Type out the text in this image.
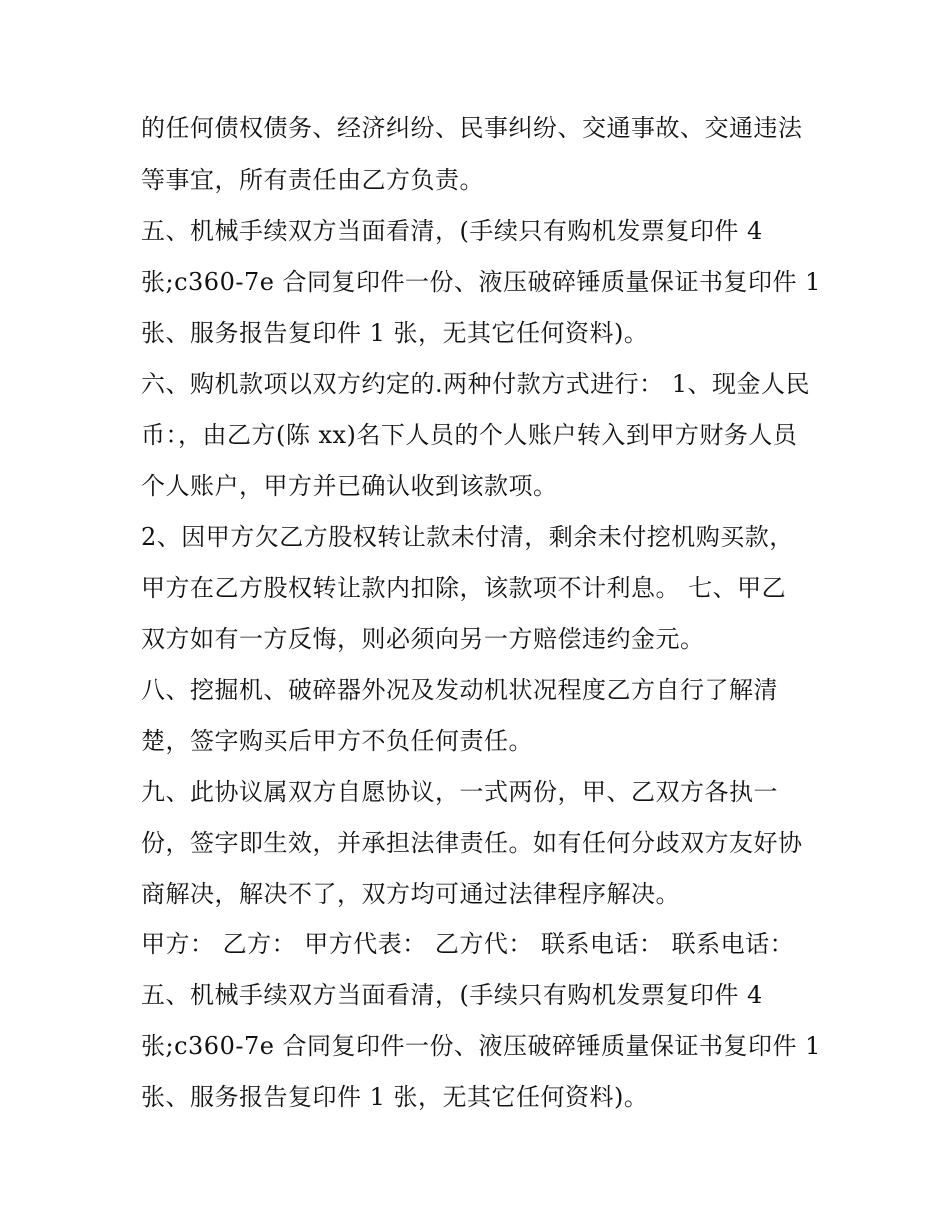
的任何债权债务、经济纠纷、民事纠纷、交通事故、交通违法
等事宜，所有责任由乙方负责。
五、机械手续双方当面看清，(手续只有购机发票复印件 4
张;c360-7e 合同复印件一份、液压破碎锤质量保证书复印件 1
张、服务报告复印件 1 张，无其它任何资料)。
六、购机款项以双方约定的.两种付款方式进行： 1、现金人民
币：，由乙方(陈 xx)名下人员的个人账户转入到甲方财务人员
个人账户，甲方并已确认收到该款项。
2、因甲方欠乙方股权转让款未付清，剩余未付挖机购买款，
甲方在乙方股权转让款内扣除，该款项不计利息。 七、甲乙
双方如有一方反悔，则必须向另一方赔偿违约金元。
八、挖掘机、破碎器外况及发动机状况程度乙方自行了解清
楚，签字购买后甲方不负任何责任。
九、此协议属双方自愿协议，一式两份，甲、乙双方各执一
份，签字即生效，并承担法律责任。如有任何分歧双方友好协
商解决，解决不了，双方均可通过法律程序解决。
甲方： 乙方： 甲方代表： 乙方代： 联系电话： 联系电话：
五、机械手续双方当面看清，(手续只有购机发票复印件 4
张;c360-7e 合同复印件一份、液压破碎锤质量保证书复印件 1
张、服务报告复印件 1 张，无其它任何资料)。
